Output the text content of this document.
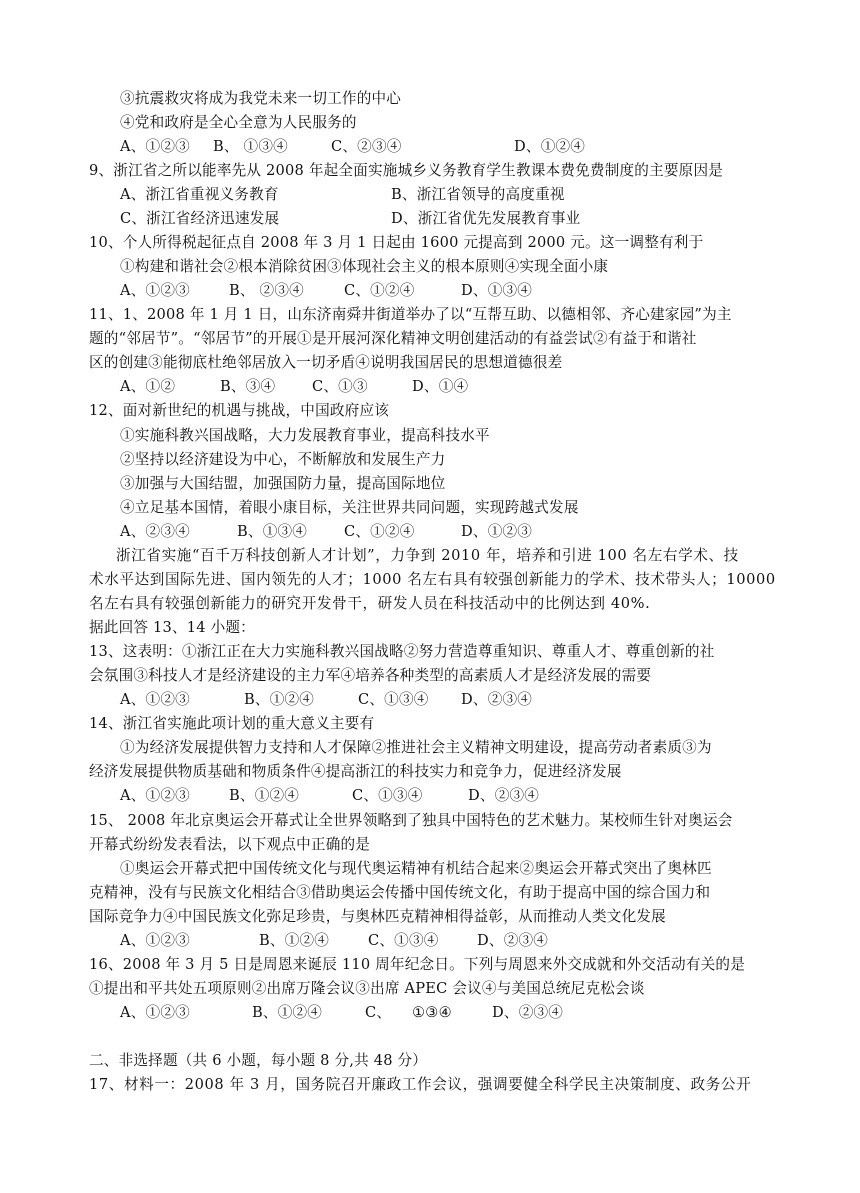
③抗震救灾将成为我党未来一切工作的中心
④党和政府是全心全意为人民服务的
A、①②③ B、 ①③④	C、②③④	D、①②④
9、浙江省之所以能率先从 2008 年起全面实施城乡义务教育学生教课本费免费制度的主要原因是
A、浙江省重视义务教育	B、浙江省领导的高度重视
C、浙江省经济迅速发展	D、浙江省优先发展教育事业
10、个人所得税起征点自 2008 年 3 月 1 日起由 1600 元提高到 2000 元。这一调整有利于
①构建和谐社会②根本消除贫困③体现社会主义的根本原则④实现全面小康
A、①②③	B、 ②③④	C、①②④	D、①③④
11、1、2008 年 1 月 1 日，山东济南舜井街道举办了以“互帮互助、以德相邻、齐心建家园”为主
题的“邻居节”。“邻居节”的开展①是开展河深化精神文明创建活动的有益尝试②有益于和谐社
区的创建③能彻底杜绝邻居放入一切矛盾④说明我国居民的思想道德很差
A、①②	B、③④	C、①③	D、①④
12、面对新世纪的机遇与挑战，中国政府应该
①实施科教兴国战略，大力发展教育事业，提高科技水平
②坚持以经济建设为中心，不断解放和发展生产力
③加强与大国结盟，加强国防力量，提高国际地位
④立足基本国情，着眼小康目标，关注世界共同问题，实现跨越式发展
A、②③④	B、①③④	C、①②④	D、①②③
浙江省实施“百千万科技创新人才计划”，力争到 2010 年，培养和引进 100 名左右学术、技
术水平达到国际先进、国内领先的人才；1000 名左右具有较强创新能力的学术、技术带头人；10000
名左右具有较强创新能力的研究开发骨干，研发人员在科技活动中的比例达到 40%.
据此回答 13、14 小题：
13、这表明：①浙江正在大力实施科教兴国战略②努力营造尊重知识、尊重人才、尊重创新的社
会氛围③科技人才是经济建设的主力军④培养各种类型的高素质人才是经济发展的需要
A、①②③	B、①②④	C、①③④ D、②③④
14、浙江省实施此项计划的重大意义主要有
①为经济发展提供智力支持和人才保障②推进社会主义精神文明建设，提高劳动者素质③为
经济发展提供物质基础和物质条件④提高浙江的科技实力和竞争力，促进经济发展
A、①②③	B、①②④	C、①③④	D、②③④
15、 2008 年北京奥运会开幕式让全世界领略到了独具中国特色的艺术魅力。某校师生针对奥运会
开幕式纷纷发表看法，以下观点中正确的是
①奥运会开幕式把中国传统文化与现代奥运精神有机结合起来②奥运会开幕式突出了奥林匹
克精神，没有与民族文化相结合③借助奥运会传播中国传统文化，有助于提高中国的综合国力和
国际竞争力④中国民族文化弥足珍贵，与奥林匹克精神相得益彰，从而推动人类文化发展
A、①②③	B、①②④	C、①③④	D、②③④
16、2008 年 3 月 5 日是周恩来诞辰 110 周年纪念日。下列与周恩来外交成就和外交活动有关的是
①提出和平共处五项原则②出席万隆会议③出席 APEC 会议④与美国总统尼克松会谈
A、①②③	B、①②④	C、 ①③④	D、②③④
二、非选择题（共 6 小题，每小题 8 分,共 48 分）
17、材料一：2008 年 3 月，国务院召开廉政工作会议，强调要健全科学民主决策制度、政务公开
